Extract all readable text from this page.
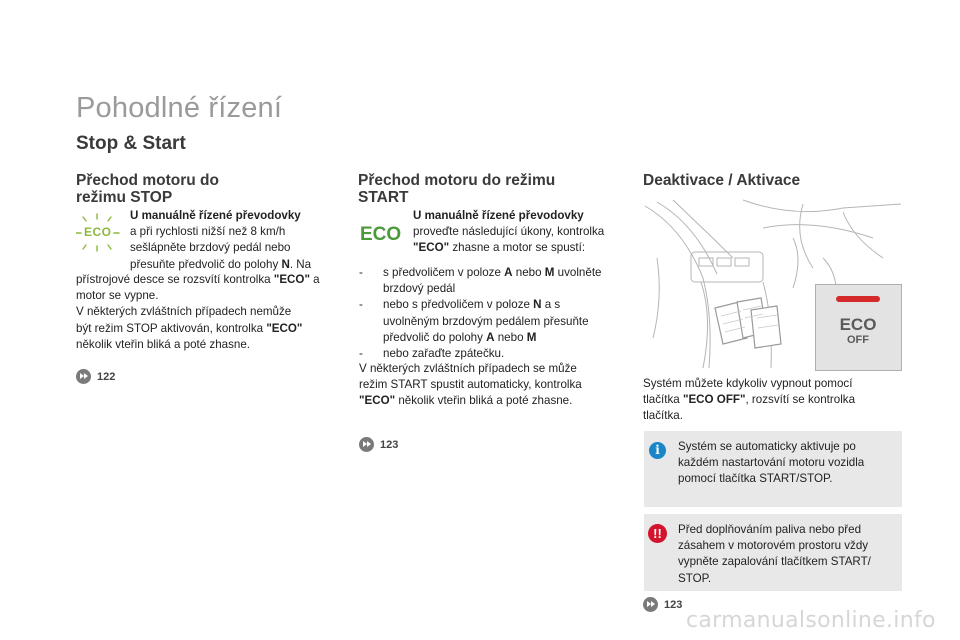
Pohodlné řízení
Stop & Start
Přechod motoru do
režimu STOP
ECO
U manuálně řízené převodovky
a při rychlosti nižší než 8 km/h
sešlápněte brzdový pedál nebo
přesuňte předvolič do polohy N. Na
přístrojové desce se rozsvítí kontrolka "ECO" a
motor se vypne.
V některých zvláštních případech nemůže
být režim STOP aktivován, kontrolka "ECO"
několik vteřin bliká a poté zhasne.
122
Přechod motoru do režimu
START
ECO
U manuálně řízené převodovky
proveďte následující úkony, kontrolka
"ECO" zhasne a motor se spustí:
- s předvoličem v poloze A nebo M uvolněte
brzdový pedál
- nebo s předvoličem v poloze N a s
uvolněným brzdovým pedálem přesuňte
předvolič do polohy A nebo M
- nebo zařaďte zpátečku.
V některých zvláštních případech se může
režim START spustit automaticky, kontrolka
"ECO" několik vteřin bliká a poté zhasne.
123
Deaktivace / Aktivace
ECO
OFF
Systém můžete kdykoliv vypnout pomocí
tlačítka "ECO OFF", rozsvítí se kontrolka
tlačítka.
i	Systém se automaticky aktivuje po
každém nastartování motoru vozidla
pomocí tlačítka START/STOP.
!!	Před doplňováním paliva nebo před
zásahem v motorovém prostoru vždy
vypněte zapalování tlačítkem START/
STOP.
123
carmanualsonline.info
